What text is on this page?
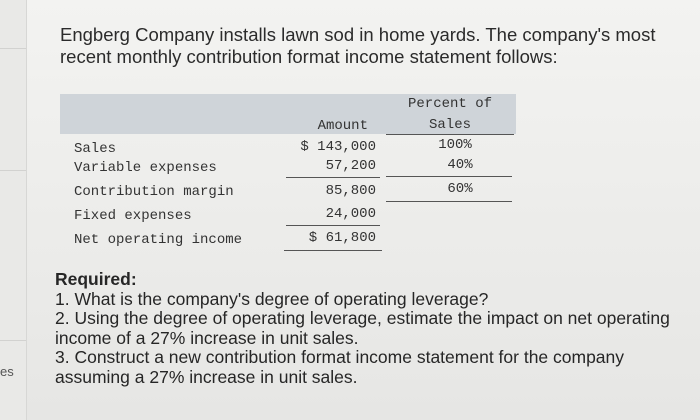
es
Engberg Company installs lawn sod in home yards. The company's most recent monthly contribution format income statement follows:
Percent of
Sales
Amount
Sales	$ 143,000	100%
Variable expenses	57,200	40%
Contribution margin	85,800	60%
Fixed expenses	24,000
Net operating income	$ 61,800
Required:
1. What is the company's degree of operating leverage?
2. Using the degree of operating leverage, estimate the impact on net operating income of a 27% increase in unit sales.
3. Construct a new contribution format income statement for the company assuming a 27% increase in unit sales.
